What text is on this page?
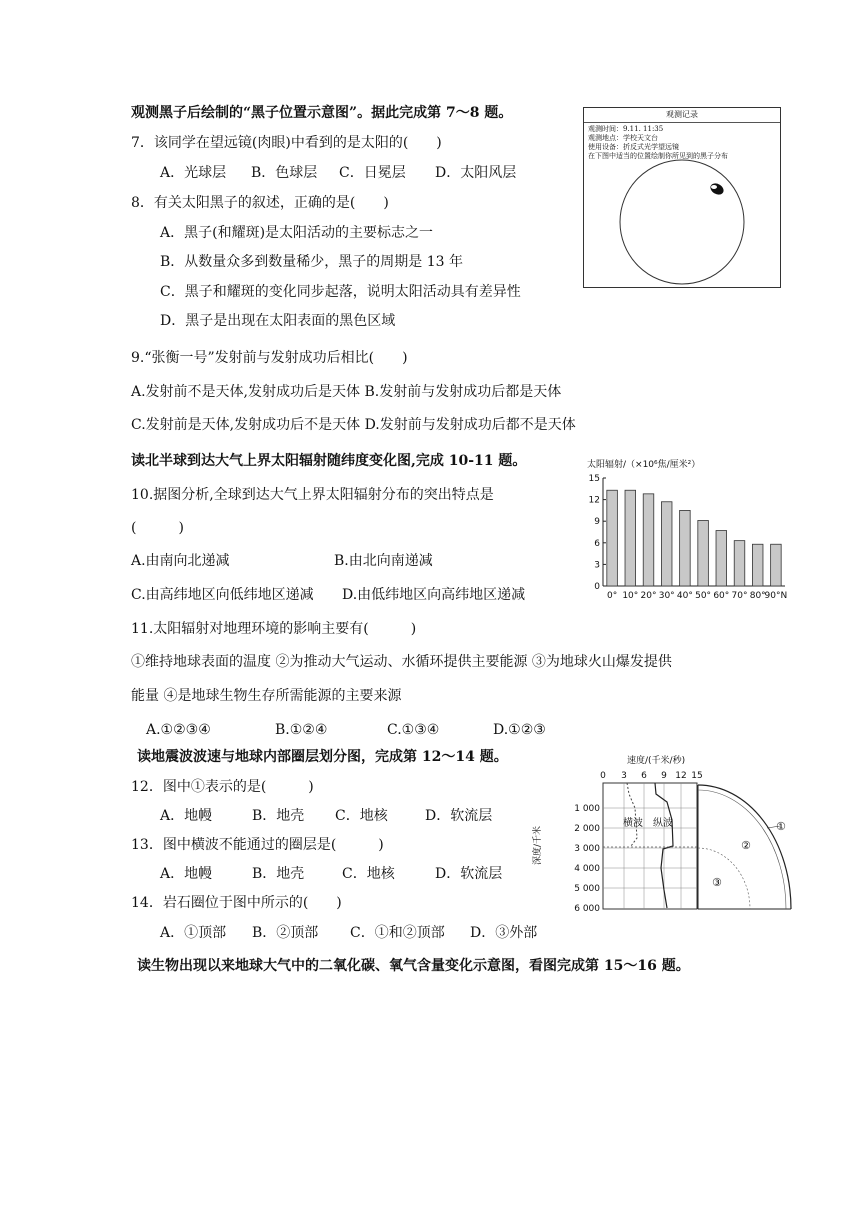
观测黑子后绘制的“黑子位置示意图”。据此完成第 7～8 题。
7．该同学在望远镜(肉眼)中看到的是太阳的(　　)
A．光球层 B．色球层 C．日冕层 D．太阳风层
8．有关太阳黑子的叙述，正确的是(　　)
A．黑子(和耀斑)是太阳活动的主要标志之一
B．从数量众多到数量稀少，黑子的周期是 13 年
C．黑子和耀斑的变化同步起落，说明太阳活动具有差异性
D．黑子是出现在太阳表面的黑色区域
观测记录
观测时间：9.11. 11:35
观测地点：学校天文台
使用设备：折反式光学望远镜
在下图中适当的位置绘制你所见到的黑子分布
9.“张衡一号”发射前与发射成功后相比(　　)
A.发射前不是天体,发射成功后是天体 B.发射前与发射成功后都是天体
C.发射前是天体,发射成功后不是天体 D.发射前与发射成功后都不是天体
读北半球到达大气上界太阳辐射随纬度变化图,完成 10-11 题。
10.据图分析,全球到达大气上界太阳辐射分布的突出特点是
(　　　)
A.由南向北递减	B.由北向南递减
C.由高纬地区向低纬地区递减 D.由低纬地区向高纬地区递减
太阳辐射/（×10⁶焦/厘米²）
0° 10° 20° 30° 40° 50° 60° 70° 80°
90°N
0
3
6
9
12
15
11.太阳辐射对地理环境的影响主要有(　　　)
①维持地球表面的温度 ②为推动大气运动、水循环提供主要能源 ③为地球火山爆发提供
能量 ④是地球生物生存所需能源的主要来源
A.①②③④	B.①②④	C.①③④	D.①②③
读地震波波速与地球内部圈层划分图，完成第 12～14 题。
12．图中①表示的是(　　　)
A．地幔	B．地壳 C．地核	D．软流层
13．图中横波不能通过的圈层是(　　　)
A．地幔	B．地壳	C．地核	D．软流层
14．岩石圈位于图中所示的(　　)
A．①顶部 B．②顶部 C．①和②顶部 D．③外部
速度/(千米/秒)
0 3 6 9 12 15
深度/千米
1 000
2 000
3 000
4 000
5 000
6 000
横波 纵波	①
②
③
读生物出现以来地球大气中的二氧化碳、氧气含量变化示意图，看图完成第 15～16 题。
